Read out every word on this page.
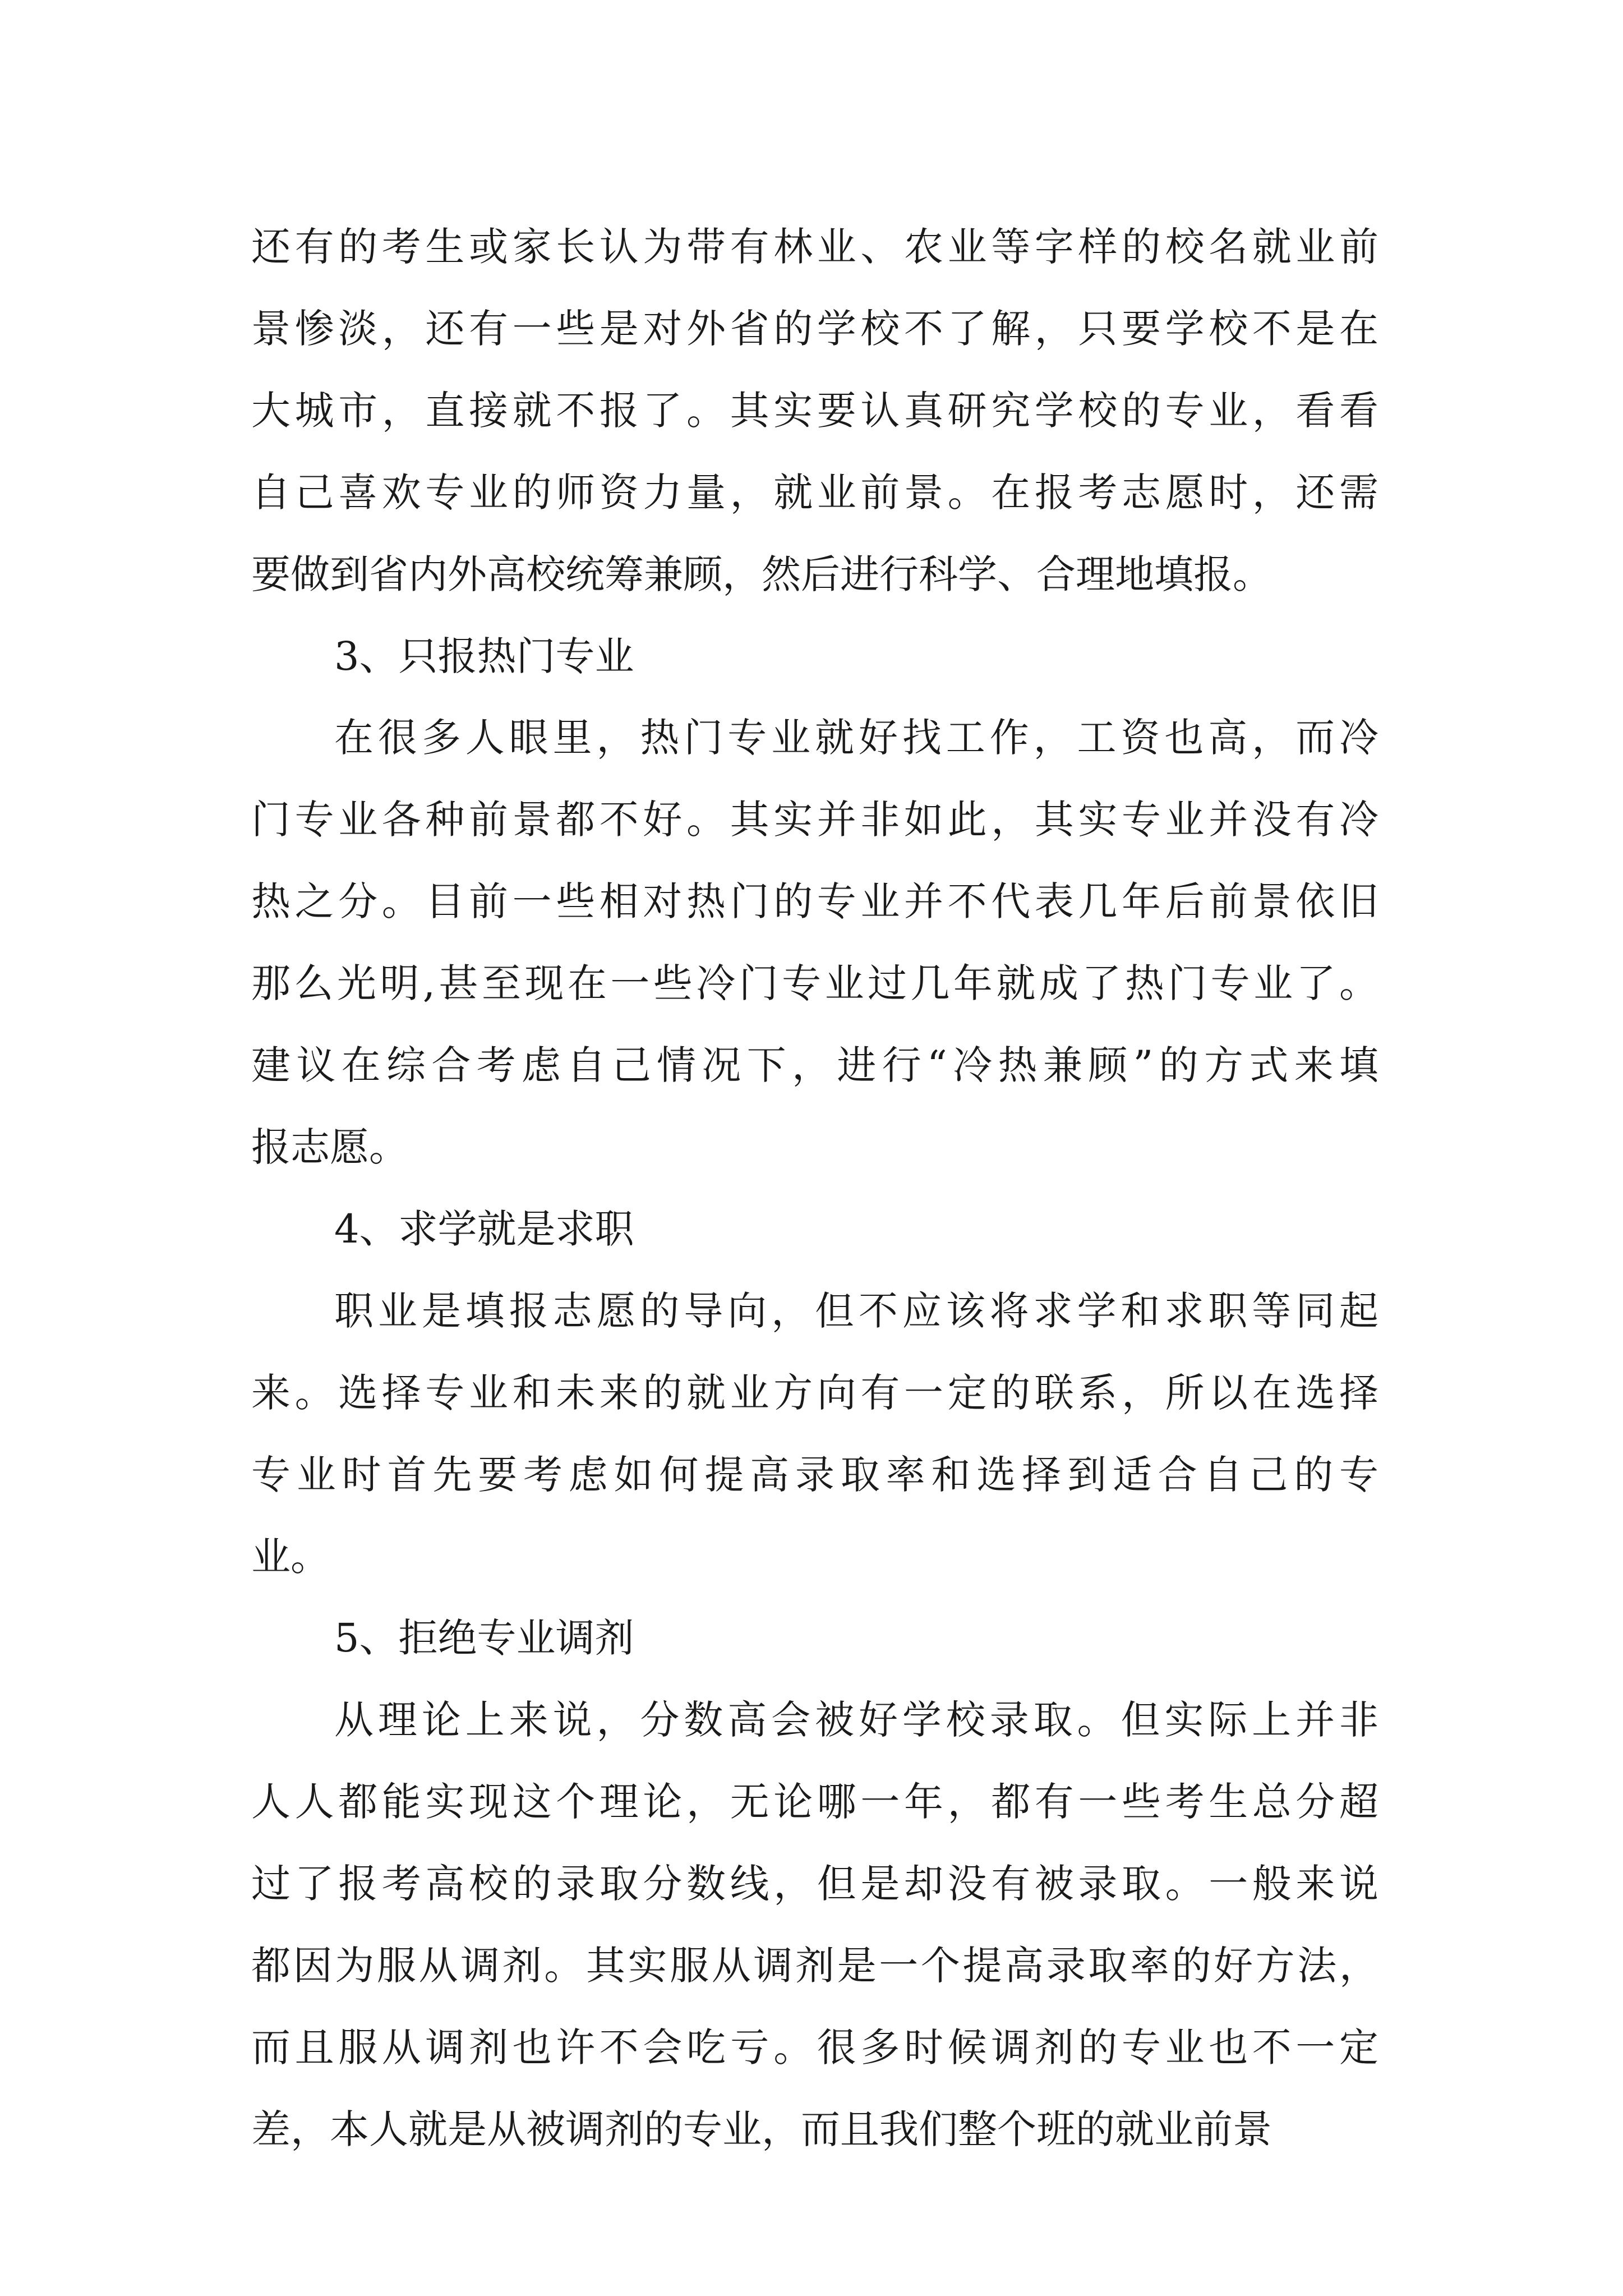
还有的考生或家长认为带有林业、农业等字样的校名就业前
景惨淡，还有一些是对外省的学校不了解，只要学校不是在
大城市，直接就不报了。其实要认真研究学校的专业，看看
自己喜欢专业的师资力量，就业前景。在报考志愿时，还需
要做到省内外高校统筹兼顾，然后进行科学、合理地填报。
3、只报热门专业
在很多人眼里，热门专业就好找工作，工资也高，而冷
门专业各种前景都不好。其实并非如此，其实专业并没有冷
热之分。目前一些相对热门的专业并不代表几年后前景依旧
那么光明,甚至现在一些冷门专业过几年就成了热门专业了。
建议在综合考虑自己情况下，进行“冷热兼顾”的方式来填
报志愿。
4、求学就是求职
职业是填报志愿的导向，但不应该将求学和求职等同起
来。选择专业和未来的就业方向有一定的联系，所以在选择
专业时首先要考虑如何提高录取率和选择到适合自己的专
业。
5、拒绝专业调剂
从理论上来说，分数高会被好学校录取。但实际上并非
人人都能实现这个理论，无论哪一年，都有一些考生总分超
过了报考高校的录取分数线，但是却没有被录取。一般来说
都因为服从调剂。其实服从调剂是一个提高录取率的好方法，
而且服从调剂也许不会吃亏。很多时候调剂的专业也不一定
差，本人就是从被调剂的专业，而且我们整个班的就业前景
